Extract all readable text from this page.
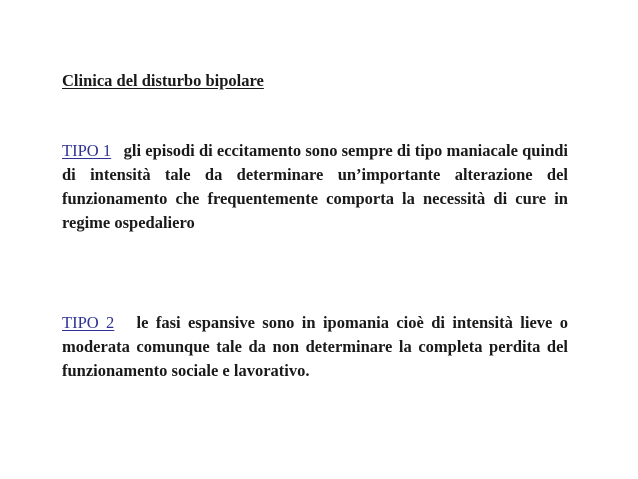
Clinica del disturbo bipolare

TIPO 1 gli episodi di eccitamento sono sempre di tipo maniacale quindi di intensità tale da determinare un’importante alterazione del funzionamento che frequentemente comporta la necessità di cure in regime ospedaliero

TIPO 2 le fasi espansive sono in ipomania cioè di intensità lieve o moderata comunque tale da non determinare la completa perdita del funzionamento sociale e lavorativo.
